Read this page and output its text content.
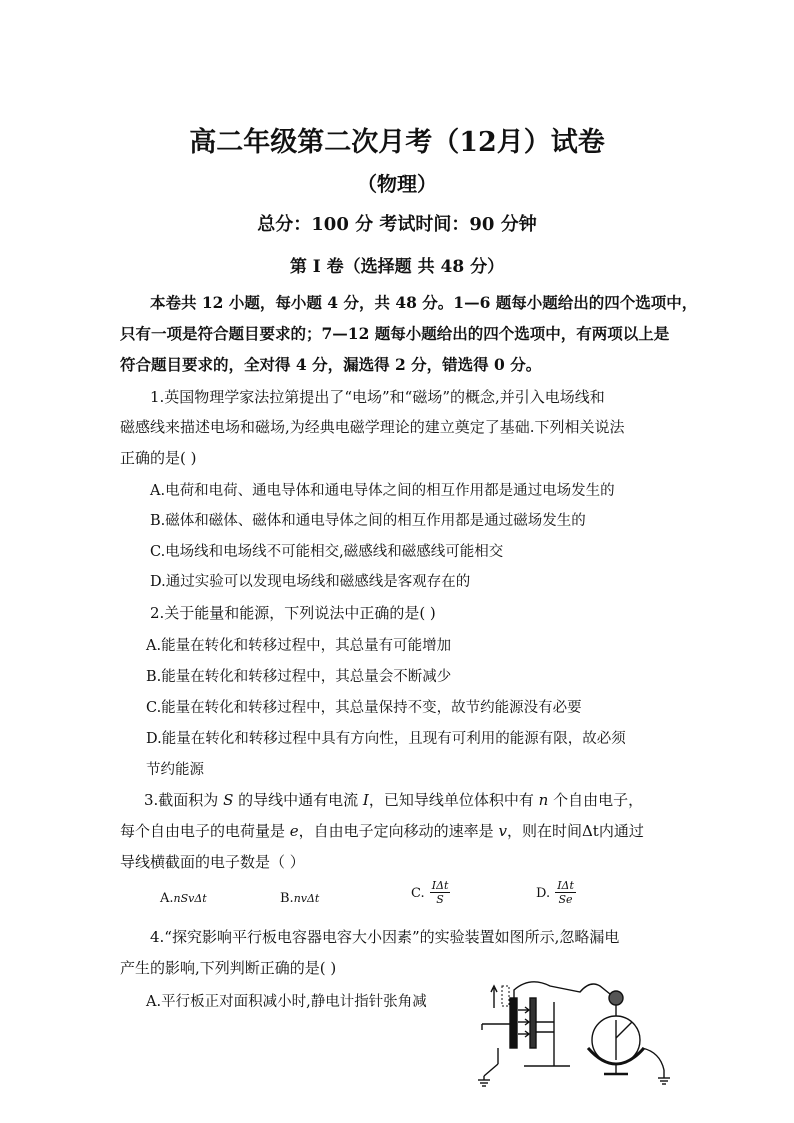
高二年级第二次月考（12月）试卷
（物理）
总分：100 分 考试时间：90 分钟
第 I 卷（选择题 共 48 分）
本卷共 12 小题，每小题 4 分，共 48 分。1—6 题每小题给出的四个选项中，
只有一项是符合题目要求的；7—12 题每小题给出的四个选项中，有两项以上是
符合题目要求的，全对得 4 分，漏选得 2 分，错选得 0 分。
1.英国物理学家法拉第提出了“电场”和“磁场”的概念,并引入电场线和
磁感线来描述电场和磁场,为经典电磁学理论的建立奠定了基础.下列相关说法
正确的是( )
A.电荷和电荷、通电导体和通电导体之间的相互作用都是通过电场发生的
B.磁体和磁体、磁体和通电导体之间的相互作用都是通过磁场发生的
C.电场线和电场线不可能相交,磁感线和磁感线可能相交
D.通过实验可以发现电场线和磁感线是客观存在的
2.关于能量和能源，下列说法中正确的是( )
A.能量在转化和转移过程中，其总量有可能增加
B.能量在转化和转移过程中，其总量会不断减少
C.能量在转化和转移过程中，其总量保持不变，故节约能源没有必要
D.能量在转化和转移过程中具有方向性，且现有可利用的能源有限，故必须
节约能源
3.截面积为 S 的导线中通有电流 I，已知导线单位体积中有 n 个自由电子，
每个自由电子的电荷量是 e，自由电子定向移动的速率是 v，则在时间Δt内通过
导线横截面的电子数是（ ）
A.nSvΔt	B.nvΔt	C. $\frac{\text{IΔt}}{S}$	D. $\frac{\text{IΔt}}{Se}$
4.“探究影响平行板电容器电容大小因素”的实验装置如图所示,忽略漏电
产生的影响,下列判断正确的是( )
A.平行板正对面积减小时,静电计指针张角减
